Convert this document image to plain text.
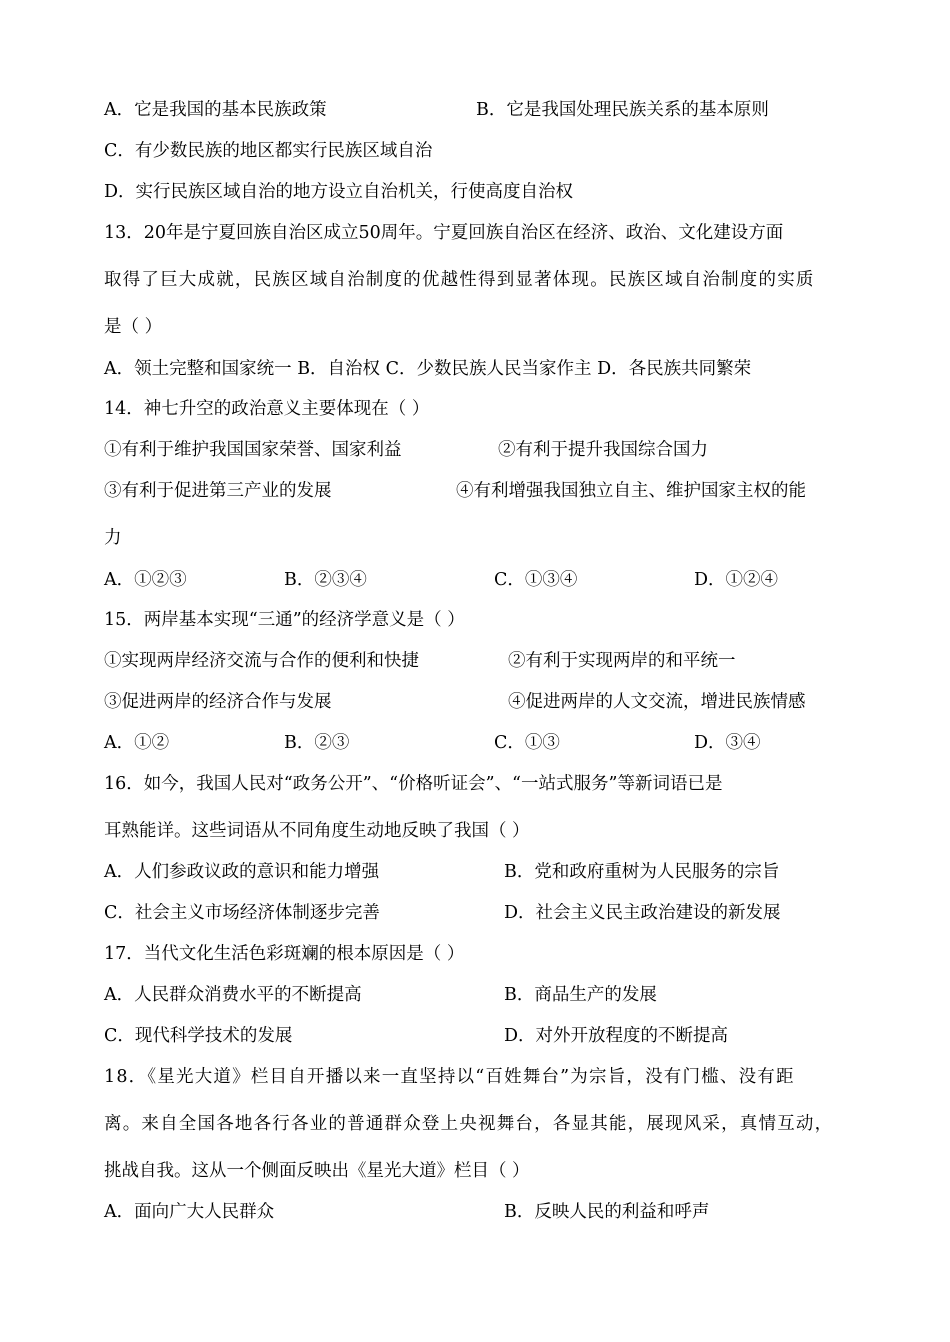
A．它是我国的基本民族政策	B．它是我国处理民族关系的基本原则
C．有少数民族的地区都实行民族区域自治
D．实行民族区域自治的地方设立自治机关，行使高度自治权
13．20年是宁夏回族自治区成立50周年。宁夏回族自治区在经济、政治、文化建设方面
取得了巨大成就，民族区域自治制度的优越性得到显著体现。民族区域自治制度的实质
是（ ）
A．领土完整和国家统一 B．自治权 C．少数民族人民当家作主 D．各民族共同繁荣
14．神七升空的政治意义主要体现在（ ）
①有利于维护我国国家荣誉、国家利益	②有利于提升我国综合国力
③有利于促进第三产业的发展	④有利增强我国独立自主、维护国家主权的能
力
A．①②③	B．②③④	C．①③④	D．①②④
15．两岸基本实现“三通”的经济学意义是（ ）
①实现两岸经济交流与合作的便利和快捷	②有利于实现两岸的和平统一
③促进两岸的经济合作与发展	④促进两岸的人文交流，增进民族情感
A．①②	B．②③	C．①③	D．③④
16．如今，我国人民对“政务公开”、“价格听证会”、“一站式服务”等新词语已是
耳熟能详。这些词语从不同角度生动地反映了我国（ ）
A．人们参政议政的意识和能力增强	B．党和政府重树为人民服务的宗旨
C．社会主义市场经济体制逐步完善	D．社会主义民主政治建设的新发展
17．当代文化生活色彩斑斓的根本原因是（ ）
A．人民群众消费水平的不断提高	B．商品生产的发展
C．现代科学技术的发展	D．对外开放程度的不断提高
18．《星光大道》栏目自开播以来一直坚持以“百姓舞台”为宗旨，没有门槛、没有距
离。来自全国各地各行各业的普通群众登上央视舞台，各显其能，展现风采，真情互动，
挑战自我。这从一个侧面反映出《星光大道》栏目（ ）
A．面向广大人民群众	B．反映人民的利益和呼声
